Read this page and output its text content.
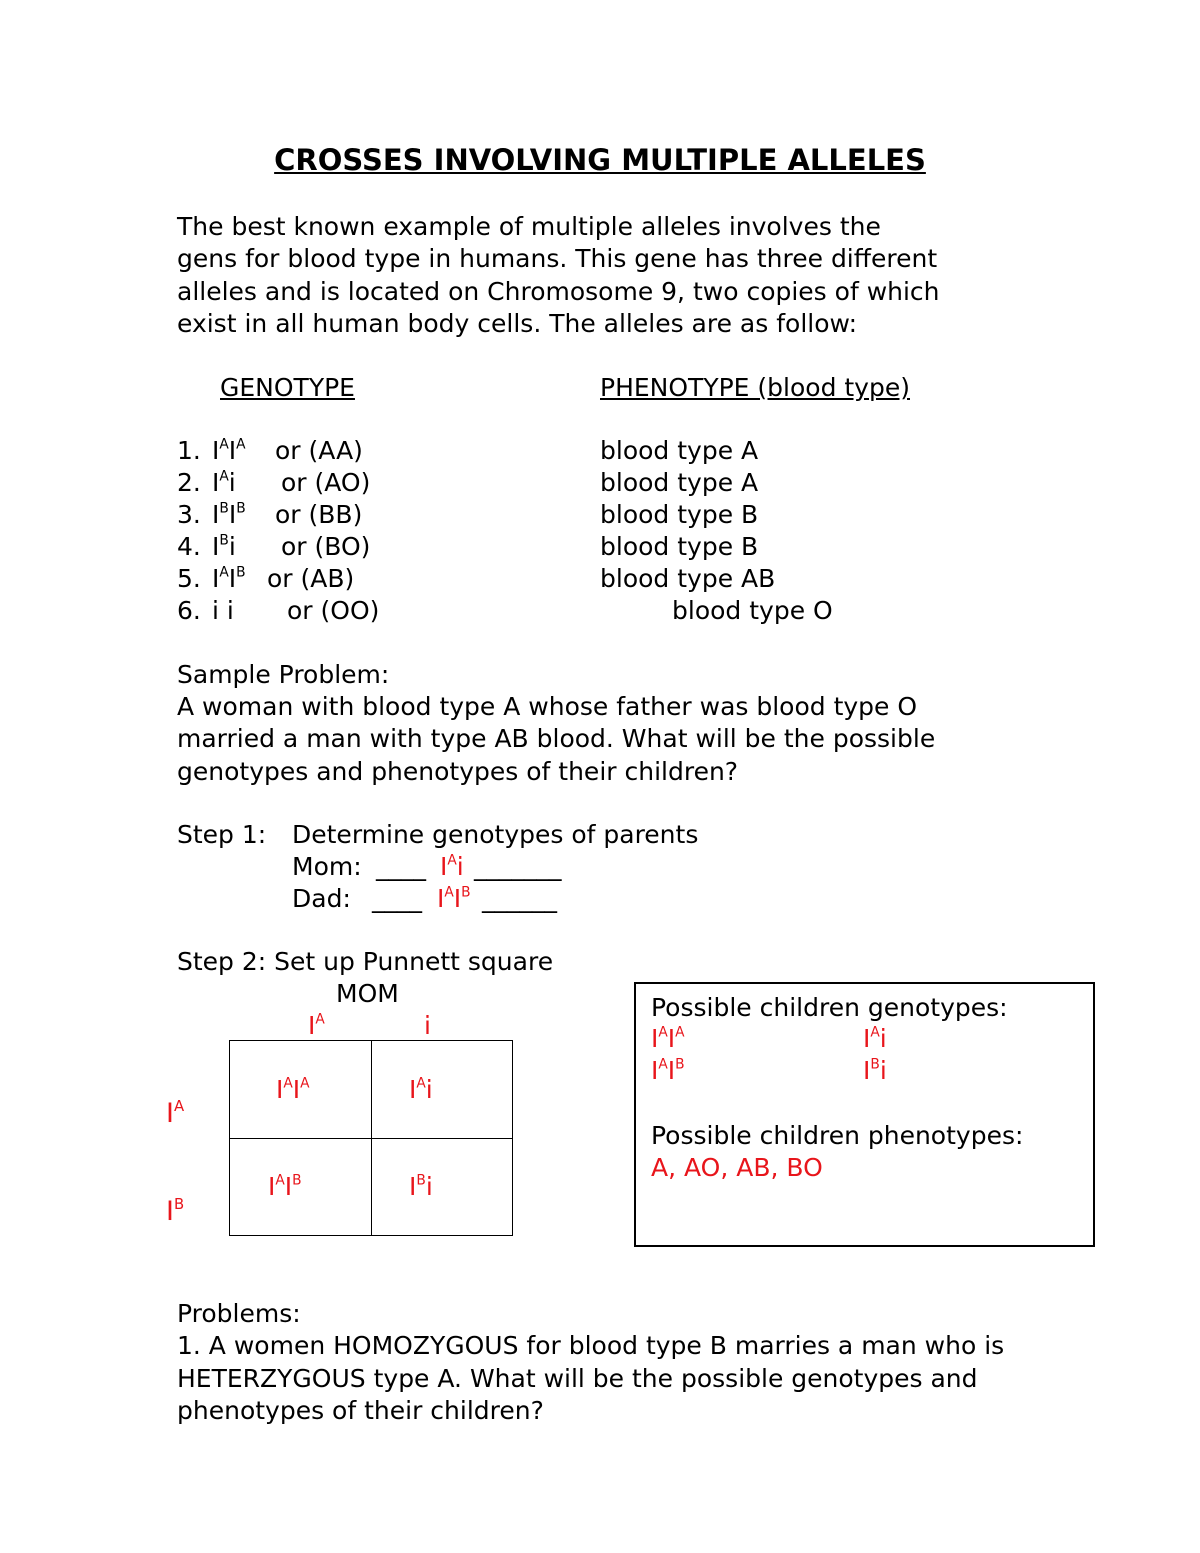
CROSSES INVOLVING MULTIPLE ALLELES
The best known example of multiple alleles involves the
gens for blood type in humans. This gene has three different
alleles and is located on Chromosome 9, two copies of which
exist in all human body cells. The alleles are as follow:
GENOTYPE	PHENOTYPE (blood type)
1. $I^AI^A$ or (AA)	blood type A
2. $I^Ai$ or (AO)	blood type A
3. $I^BI^B$ or (BB)	blood type B
4. $I^Bi$ or (BO)	blood type B
5. $I^AI^B$ or (AB)	blood type AB
6. i i or (OO)	blood type O
Sample Problem:
A woman with blood type A whose father was blood type O
married a man with type AB blood. What will be the possible
genotypes and phenotypes of their children?
Step 1: Determine genotypes of parents
Mom: ____ $I^Ai$ _______
Dad: ____ $I^AI^B$ ______
Step 2: Set up Punnett square
MOM
$I^A$	i
$I^A$
$I^B$
$I^AI^A$	$I^Ai$
$I^AI^B$	$I^Bi$
Possible children genotypes:
$I^AI^A$	$I^Ai$
$I^AI^B$	$I^Bi$
Possible children phenotypes:
A, AO, AB, BO
Problems:
1. A women HOMOZYGOUS for blood type B marries a man who is
HETERZYGOUS type A. What will be the possible genotypes and
phenotypes of their children?
